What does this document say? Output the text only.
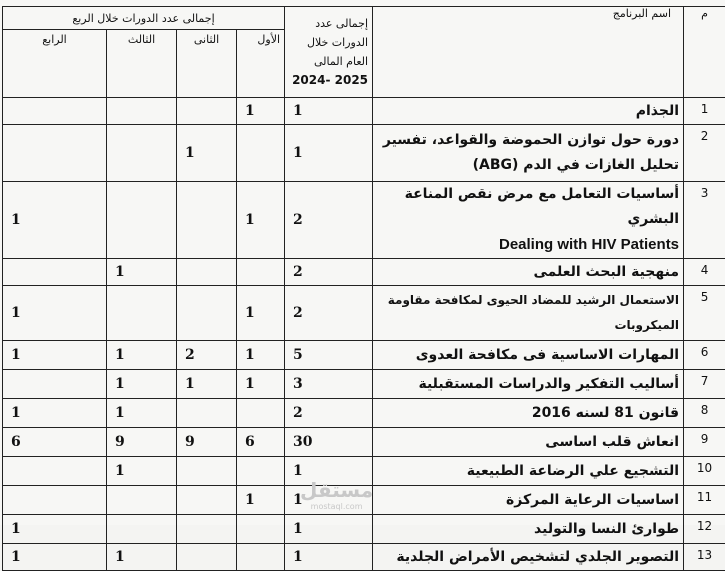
م	اسم البرنامج	إجمالى عدد
الدورات خلال
العام المالى
2024- 2025	إجمالى عدد الدورات خلال الربع			
			الأول	الثانى	الثالث	الرابع
1	الجذام	1	1			
2	دورة حول توازن الحموضة والقواعد، تفسير تحليل الغازات في الدم (ABG)	1		1		
3	أساسيات التعامل مع مرض نقص المناعة البشري
Dealing with HIV Patients	2	1			1
4	منهجية البحث العلمى	2			1	
5	الاستعمال الرشيد للمضاد الحيوى لمكافحة مقاومة الميكروبات	2	1			1
6	المهارات الاساسية فى مكافحة العدوى	5	1	2	1	1
7	أساليب التفكير والدراسات المستقبلية	3	1	1	1	
8	قانون 81 لسنه 2016	2			1	1
9	انعاش قلب اساسى	30	6	9	9	6
10	التشجيع علي الرضاعة الطبيعية	1			1	
11	اساسيات الرعاية المركزة	1	1			
12	طوارئ النسا والتوليد	1				1
13	التصوير الجلدي لتشخيص الأمراض الجلدية	1			1	1
مستقل
mostaql.com
